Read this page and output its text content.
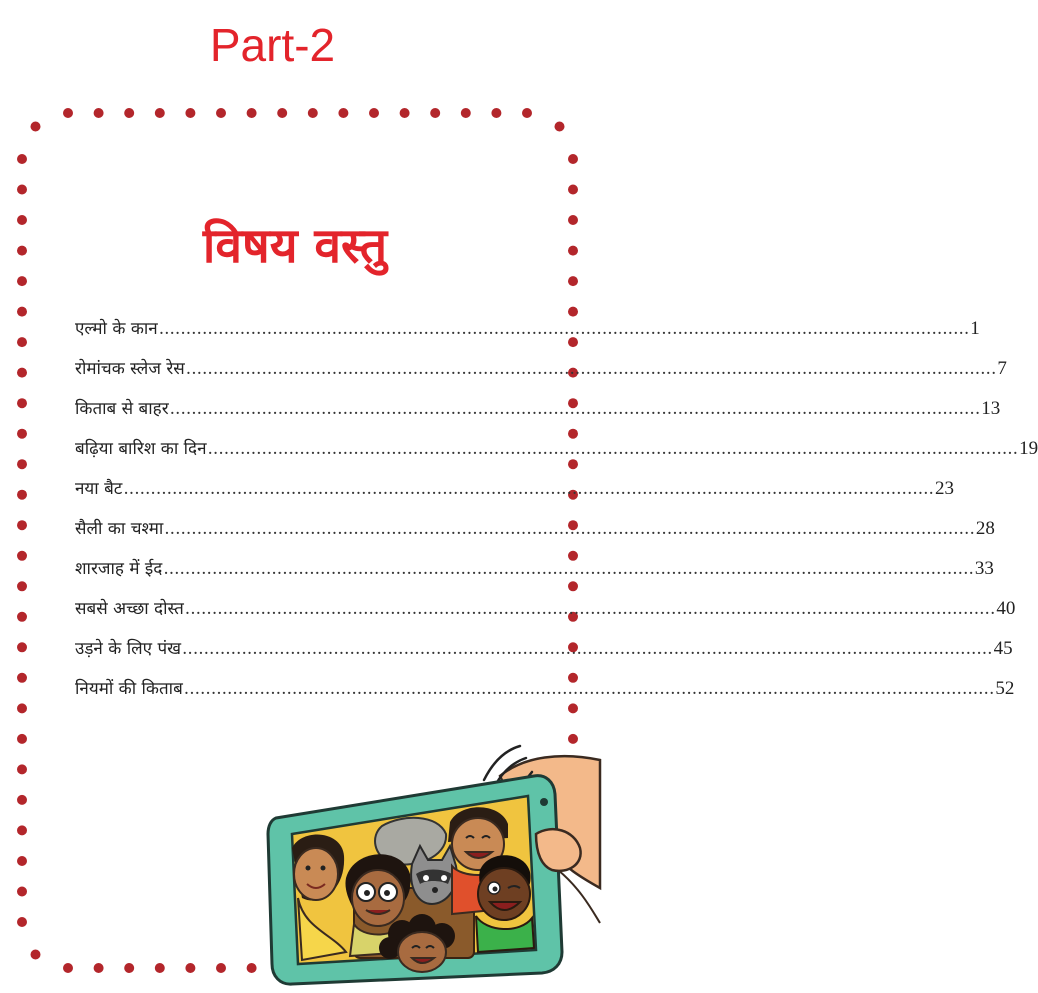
Part-2
विषय वस्तु
एल्मो के कान ...................................................................................................................................................... 1
रोमांचक स्लेज रेस ...................................................................................................................................................... 7
किताब से बाहर ...................................................................................................................................................... 13
बढ़िया बारिश का दिन ...................................................................................................................................................... 19
नया बैट ...................................................................................................................................................... 23
सैली का चश्मा ...................................................................................................................................................... 28
शारजाह में ईद ...................................................................................................................................................... 33
सबसे अच्छा दोस्त ...................................................................................................................................................... 40
उड़ने के लिए पंख ...................................................................................................................................................... 45
नियमों की किताब ...................................................................................................................................................... 52
